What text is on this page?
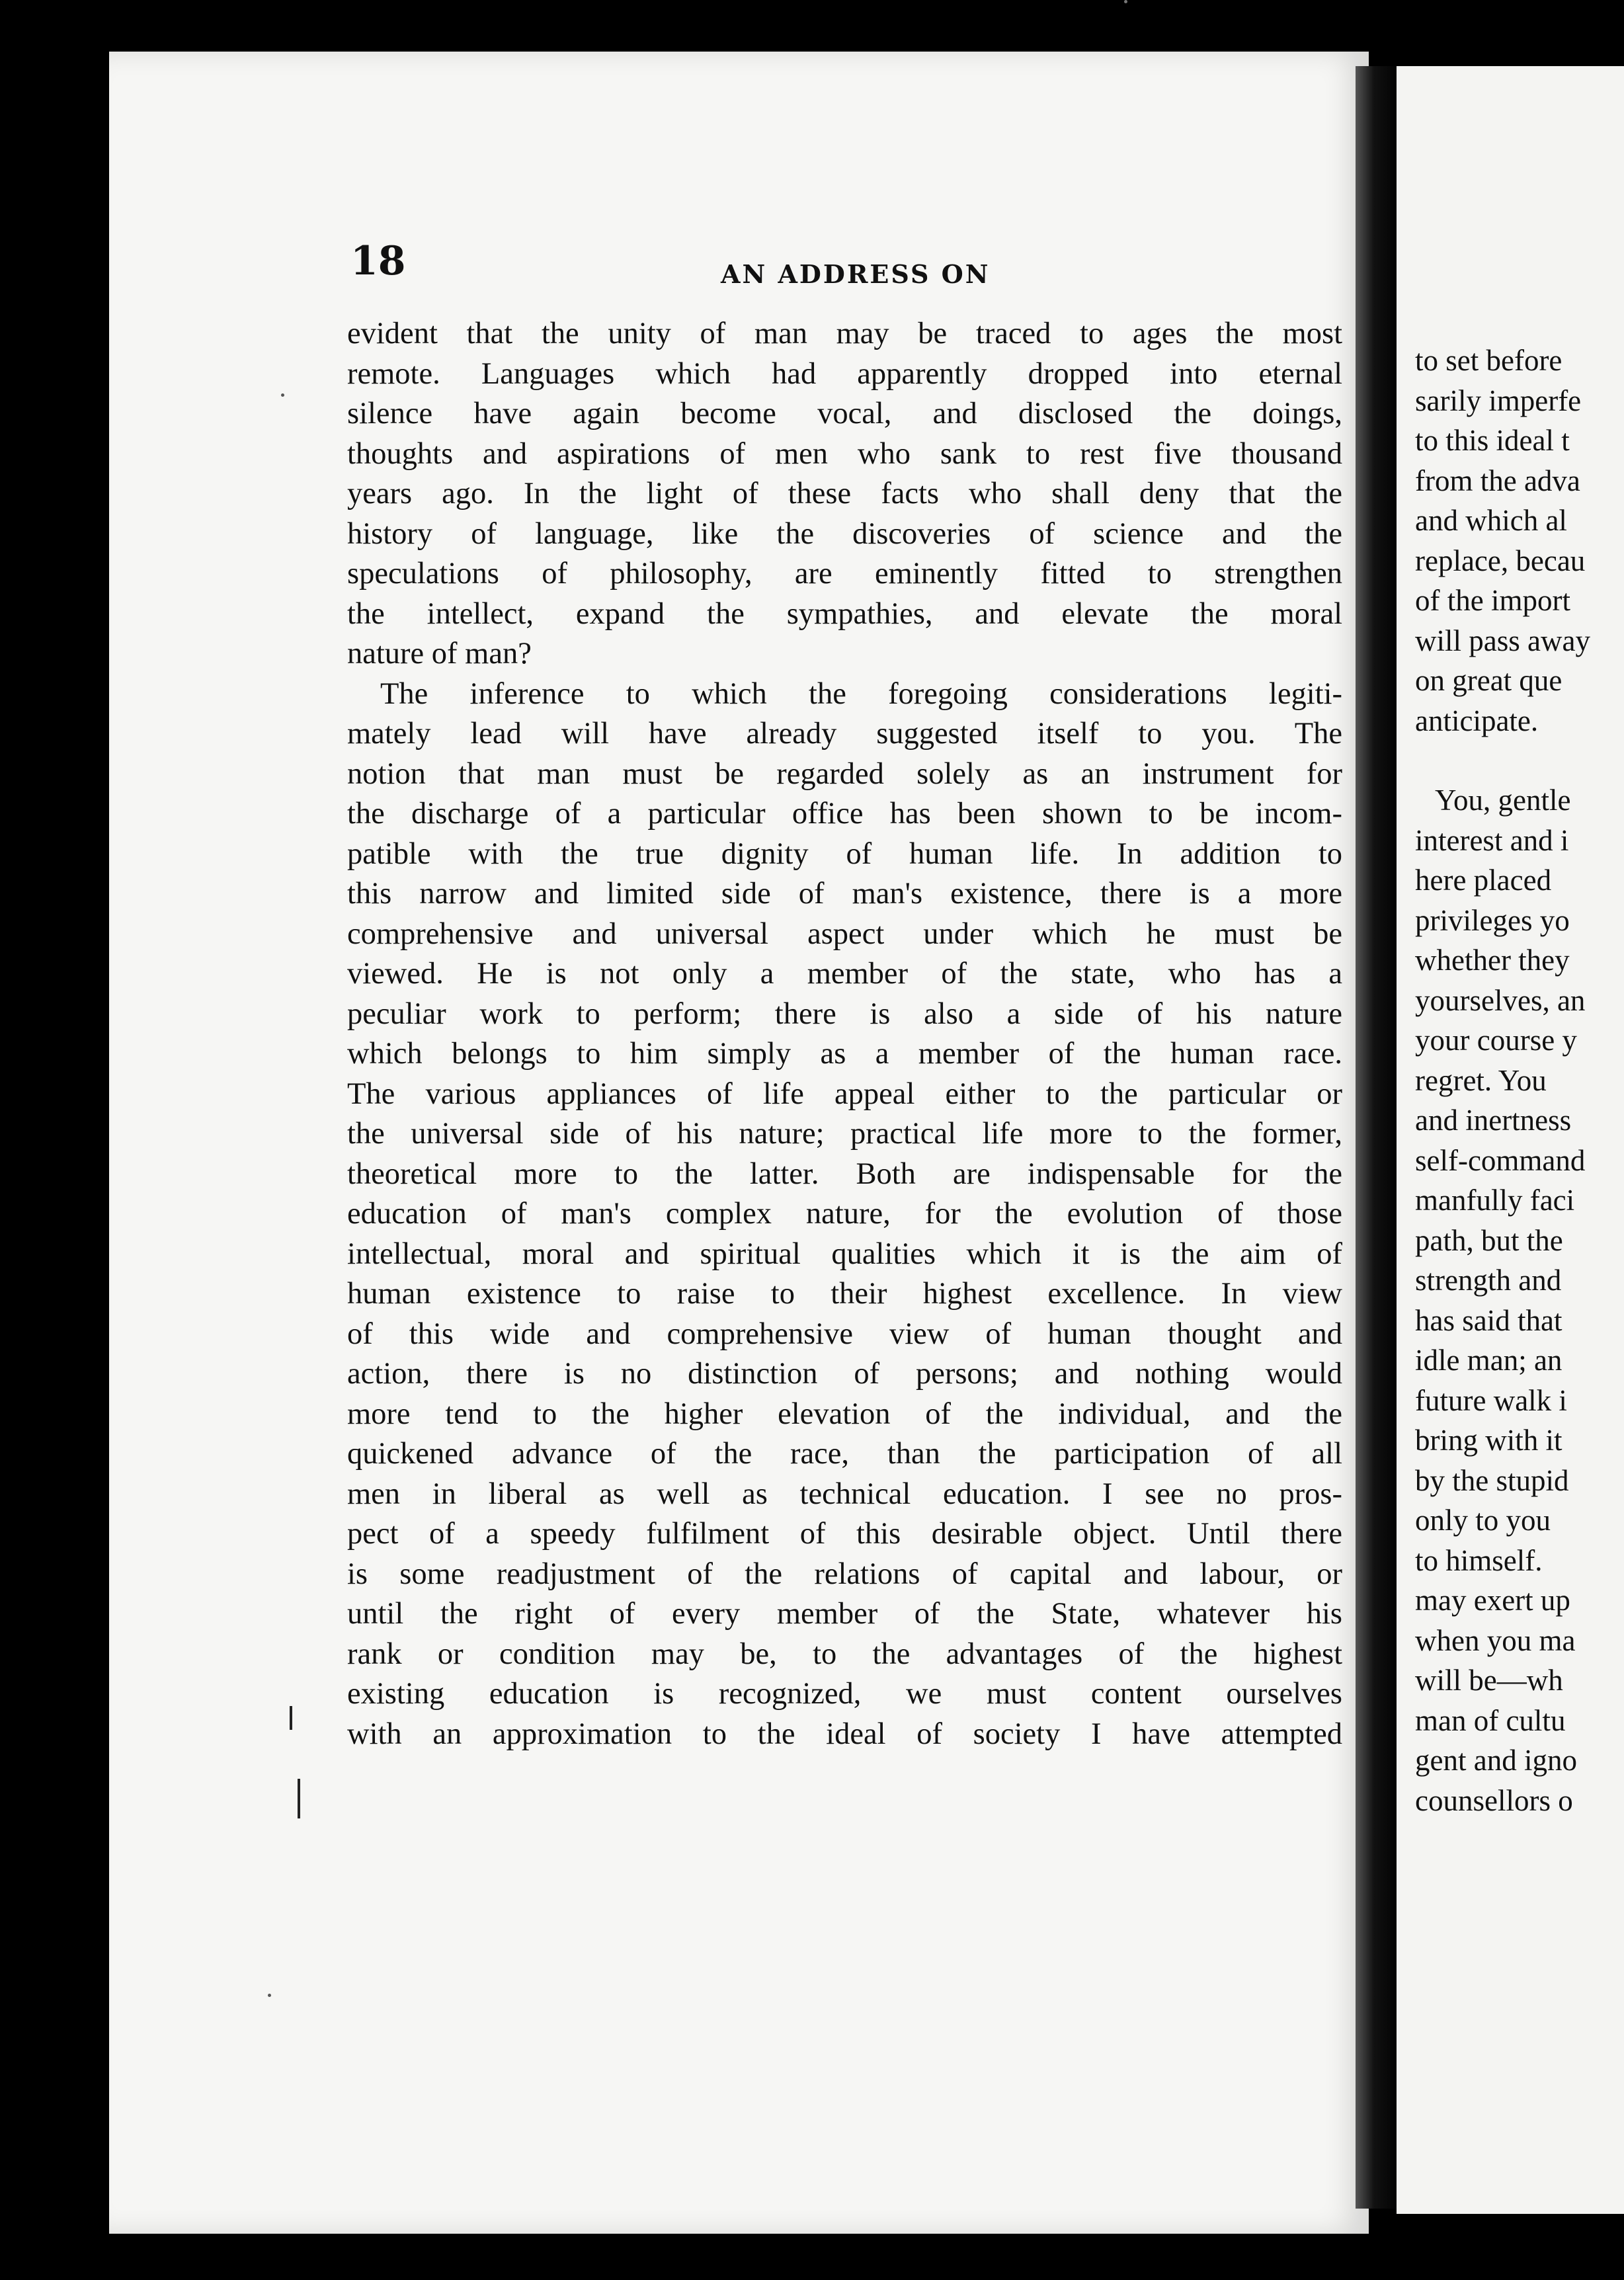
18	AN ADDRESS ON
evident that the unity of man may be traced to ages the most
remote. Languages which had apparently dropped into eternal
silence have again become vocal, and disclosed the doings,
thoughts and aspirations of men who sank to rest five thousand
years ago. In the light of these facts who shall deny that the
history of language, like the discoveries of science and the
speculations of philosophy, are eminently fitted to strengthen
the intellect, expand the sympathies, and elevate the moral
nature of man?
The inference to which the foregoing considerations legiti-
mately lead will have already suggested itself to you. The
notion that man must be regarded solely as an instrument for
the discharge of a particular office has been shown to be incom-
patible with the true dignity of human life. In addition to
this narrow and limited side of man's existence, there is a more
comprehensive and universal aspect under which he must be
viewed. He is not only a member of the state, who has a
peculiar work to perform; there is also a side of his nature
which belongs to him simply as a member of the human race.
The various appliances of life appeal either to the particular or
the universal side of his nature; practical life more to the former,
theoretical more to the latter. Both are indispensable for the
education of man's complex nature, for the evolution of those
intellectual, moral and spiritual qualities which it is the aim of
human existence to raise to their highest excellence. In view
of this wide and comprehensive view of human thought and
action, there is no distinction of persons; and nothing would
more tend to the higher elevation of the individual, and the
quickened advance of the race, than the participation of all
men in liberal as well as technical education. I see no pros-
pect of a speedy fulfilment of this desirable object. Until there
is some readjustment of the relations of capital and labour, or
until the right of every member of the State, whatever his
rank or condition may be, to the advantages of the highest
existing education is recognized, we must content ourselves
with an approximation to the ideal of society I have attempted
to set before
sarily imperfe
to this ideal t
from the adva
and which al
replace, becau
of the import
will pass away
on great que
anticipate.
You, gentle
interest and i
here placed
privileges yo
whether they
yourselves, an
your course y
regret. You
and inertness
self-command
manfully faci
path, but the
strength and
has said that
idle man; an
future walk i
bring with it
by the stupid
only to you
to himself.
may exert up
when you ma
will be—wh
man of cultu
gent and igno
counsellors o
